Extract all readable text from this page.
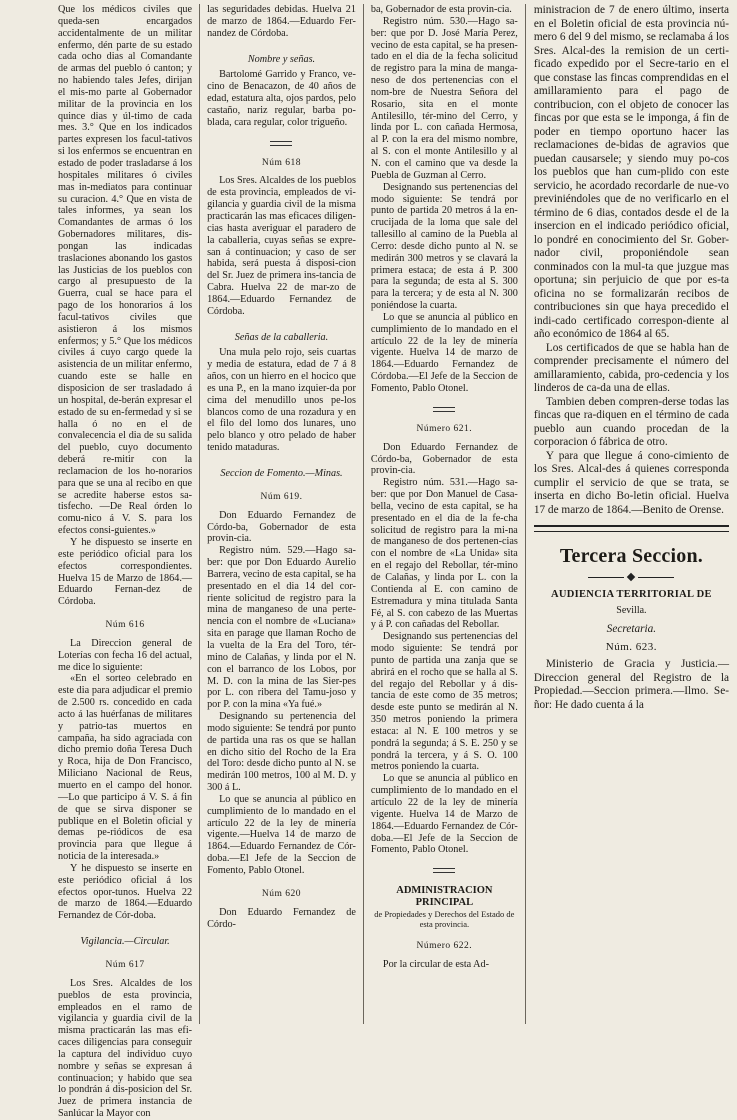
Que los médicos civiles que queda-sen encargados accidentalmente de un militar enfermo, dén parte de su estado cada ocho dias al Comandante de armas del pueblo ó canton; y no habiendo tales Jefes, dirijan el mis-mo parte al Gobernador militar de la provincia en los quince dias y úl-timo de cada mes. 3.° Que en los indicados partes expresen los facul-tativos si los enfermos se encuentran en estado de poder trasladarse á los hospitales militares ó civiles mas in-mediatos para continuar su curacion. 4.° Que en vista de tales informes, ya sean los Comandantes de armas ó los Gobernadores militares, dis-pongan las indicadas traslaciones abonando los gastos las Justicias de los pueblos con cargo al presupuesto de la Guerra, cual se hace para el pago de los honorarios á los facul-tativos civiles que asistieron á los mismos enfermos; y 5.° Que los médicos civiles á cuyo cargo quede la asistencia de un militar enfermo, cuando este se halle en disposicion de ser trasladado á un hospital, de-berán expresar el estado de su en-fermedad y si se halla ó no en el de convalecencia el dia de su salida del pueblo, cuyo documento deberá re-mitir con la reclamacion de los ho-norarios para que se una al recibo en que se acredite haberse estos sa-tisfecho. —De Real órden lo comu-nico á V. S. para los efectos consi-guientes.»

Y he dispuesto se inserte en este periódico oficial para los efectos correspondientes. Huelva 15 de Marzo de 1864.—Eduardo Fernan-dez de Córdoba.

Núm 616

La Direccion general de Loterías con fecha 16 del actual, me dice lo siguiente:

«En el sorteo celebrado en este dia para adjudicar el premio de 2.500 rs. concedido en cada acto á las huérfanas de militares y patrio-tas muertos en campaña, ha sido agraciada con dicho premio doña Teresa Duch y Roca, hija de Don Francisco, Miliciano Nacional de Reus, muerto en el campo del honor. —Lo que participo á V. S. á fin de que se sirva disponer se publique en el Boletin oficial y demas pe-riódicos de esa provincia para que llegue á noticia de la interesada.»

Y he dispuesto se inserte en este periódico oficial á los efectos opor-tunos. Huelva 22 de marzo de 1864.—Eduardo Fernandez de Cór-doba.

Vigilancia.—Circular.
Núm 617

Los Sres. Alcaldes de los pueblos de esta provincia, empleados en el ramo de vigilancia y guardia civil de la misma practicarán las mas efi-caces diligencias para conseguir la captura del individuo cuyo nombre y señas se expresan á continuacion; y habido que sea lo pondrán á dis-posicion del Sr. Juez de primera instancia de Sanlúcar la Mayor con

las seguridades debidas. Huelva 21 de marzo de 1864.—Eduardo Fer-nandez de Córdoba.

Nombre y señas.

Bartolomé Garrido y Franco, ve-cino de Benacazon, de 40 años de edad, estatura alta, ojos pardos, pelo castaño, nariz regular, barba po-blada, cara regular, color trigueño.

Núm 618

Los Sres. Alcaldes de los pueblos de esta provincia, empleados de vi-gilancia y guardia civil de la misma practicarán las mas eficaces diligen-cias hasta averiguar el paradero de la caballeria, cuyas señas se expre-san á continuacion; y caso de ser habida, será puesta á disposi-cion del Sr. Juez de primera ins-tancia de Cabra. Huelva 22 de mar-zo de 1864.—Eduardo Fernandez de Córdoba.

Señas de la caballeria.

Una mula pelo rojo, seis cuartas y media de estatura, edad de 7 á 8 años, con un hierro en el hocico que es una P., en la mano izquier-da por cima del menudillo unos pe-los blancos como de una rozadura y en el filo del lomo dos lunares, uno pelo blanco y otro pelado de haber tenido mataduras.

Seccion de Fomento.—Minas.
Núm 619.

Don Eduardo Fernandez de Córdo-ba, Gobernador de esta provin-cia.

Registro núm. 529.—Hago sa-ber: que por Don Eduardo Aurelio Barrera, vecino de esta capital, se ha presentado en el dia 14 del cor-riente solicitud de registro para la mina de manganeso de una perte-nencia con el nombre de «Luciana» sita en parage que llaman Rocho de la vuelta de la Era del Toro, tér-mino de Calañas, y linda por el N. con el barranco de los Lobos, por M. D. con la mina de las Sier-pes por L. con ribera del Tamu-joso y por P. con la mina «Ya fué.»

Designando su pertenencia del modo siguiente: Se tendrá por punto de partida una ras os que se hallan en dicho sitio del Rocho de la Era del Toro: desde dicho punto al N. se medirán 100 metros, 100 al M. D. y 300 á L.

Lo que se anuncia al público en cumplimiento de lo mandado en el artículo 22 de la ley de minería vigente.—Huelva 14 de marzo de 1864.—Eduardo Fernandez de Cór-doba.—El Jefe de la Seccion de Fomento, Pablo Otonel.

Núm 620

Don Eduardo Fernandez de Córdo-

ba, Gobernador de esta provin-cia.

Registro núm. 530.—Hago sa-ber: que por D. José María Perez, vecino de esta capital, se ha presen-tado en el dia de la fecha solicitud de registro para la mina de manga-neso de dos pertenencias con el nom-bre de Nuestra Señora del Rosario, sita en el monte Antilesillo, tér-mino del Cerro, y linda por L. con cañada Hermosa, al P. con la era del mismo nombre, al S. con el monte Antilesillo y al N. con el camino que va desde la Puebla de Guzman al Cerro.

Designando sus pertenencias del modo siguiente: Se tendrá por punto de partida 20 metros á la en-crucijada de la loma que sale del tallesillo al camino de la Puebla al Cerro: desde dicho punto al N. se medirán 300 metros y se clavará la primera estaca; de esta á P. 300 para la segunda; de esta al S. 300 para la tercera; y de esta al N. 300 poniéndose la cuarta.

Lo que se anuncia al público en cumplimiento de lo mandado en el artículo 22 de la ley de minería vigente. Huelva 14 de marzo de 1864.—Eduardo Fernandez de Córdoba.—El Jefe de la Seccion de Fomento, Pablo Otonel.

Número 621.

Don Eduardo Fernandez de Córdo-ba, Gobernador de esta provin-cia.

Registro núm. 531.—Hago sa-ber: que por Don Manuel de Casa-bella, vecino de esta capital, se ha presentado en el dia de la fe-cha solicitud de registro para la mi-na de manganeso de dos pertenen-cias con el nombre de «La Unida» sita en el regajo del Rebollar, tér-mino de Calañas, y linda por L. con la Contienda al E. con camino de Estremadura y mina titulada Santa Fé, al S. con cabezo de las Muertas y á P. con cañadas del Rebollar.

Designando sus pertenencias del modo siguiente: Se tendrá por punto de partida una zanja que se abrirá en el rocho que se halla al S. del regajo del Rebollar y á dis-tancia de este como de 35 metros; desde este punto se medirán al N. 350 metros poniendo la primera estaca: al N. E 100 metros y se pondrá la segunda; á S. E. 250 y se pondrá la tercera, y á S. O. 100 metros poniendo la cuarta.

Lo que se anuncia al público en cumplimiento de lo mandado en el artículo 22 de la ley de minería vigente. Huelva 14 de Marzo de 1864.—Eduardo Fernandez de Cór-doba.—El Jefe de la Seccion de Fomento, Pablo Otonel.

ADMINISTRACION PRINCIPAL
de Propiedades y Derechos del Estado de esta provincia.
Número 622.

Por la circular de esta Ad-

ministracion de 7 de enero último, inserta en el Boletin oficial de esta provincia nú-mero 6 del 9 del mismo, se reclamaba á los Sres. Alcal-des la remision de un certi-ficado expedido por el Secre-tario en el que constase las fincas comprendidas en el amillaramiento para el pago de contribucion, con el objeto de conocer las fincas por que esta se le imponga, á fin de poder en tiempo oportuno hacer las reclamaciones de-bidas de agravios que puedan causarsele; y siendo muy po-cos los pueblos que han cum-plido con este servicio, he acordado recordarle de nue-vo previniéndoles que de no verificarlo en el término de 6 dias, contados desde el de la insercion en el indicado periódico oficial, lo pondré en conocimiento del Sr. Gober-nador civil, proponiéndole sean conminados con la mul-ta que juzgue mas oportuna; sin perjuicio de que por es-ta oficina no se formalizarán recibos de contribuciones sin que haya precedido el indi-cado certificado correspon-diente al año económico de 1864 al 65.

Los certificados de que se habla han de comprender precisamente el número del amillaramiento, cabida, pro-cedencia y los linderos de ca-da una de ellas.

Tambien deben compren-derse todas las fincas que ra-diquen en el término de cada pueblo aun cuando procedan de la corporacion ó fábrica de otro.

Y para que llegue á cono-cimiento de los Sres. Alcal-des á quienes corresponda cumplir el servicio de que se trata, se inserta en dicho Bo-letin oficial. Huelva 17 de marzo de 1864.—Benito de Orense.

Tercera Seccion.
AUDIENCIA TERRITORIAL DE
Sevilla.
Secretaria.
Núm. 623.

Ministerio de Gracia y Justicia.—Direccion general del Registro de la Propiedad.—Seccion primera.—Ilmo. Se-ñor: He dado cuenta á la
